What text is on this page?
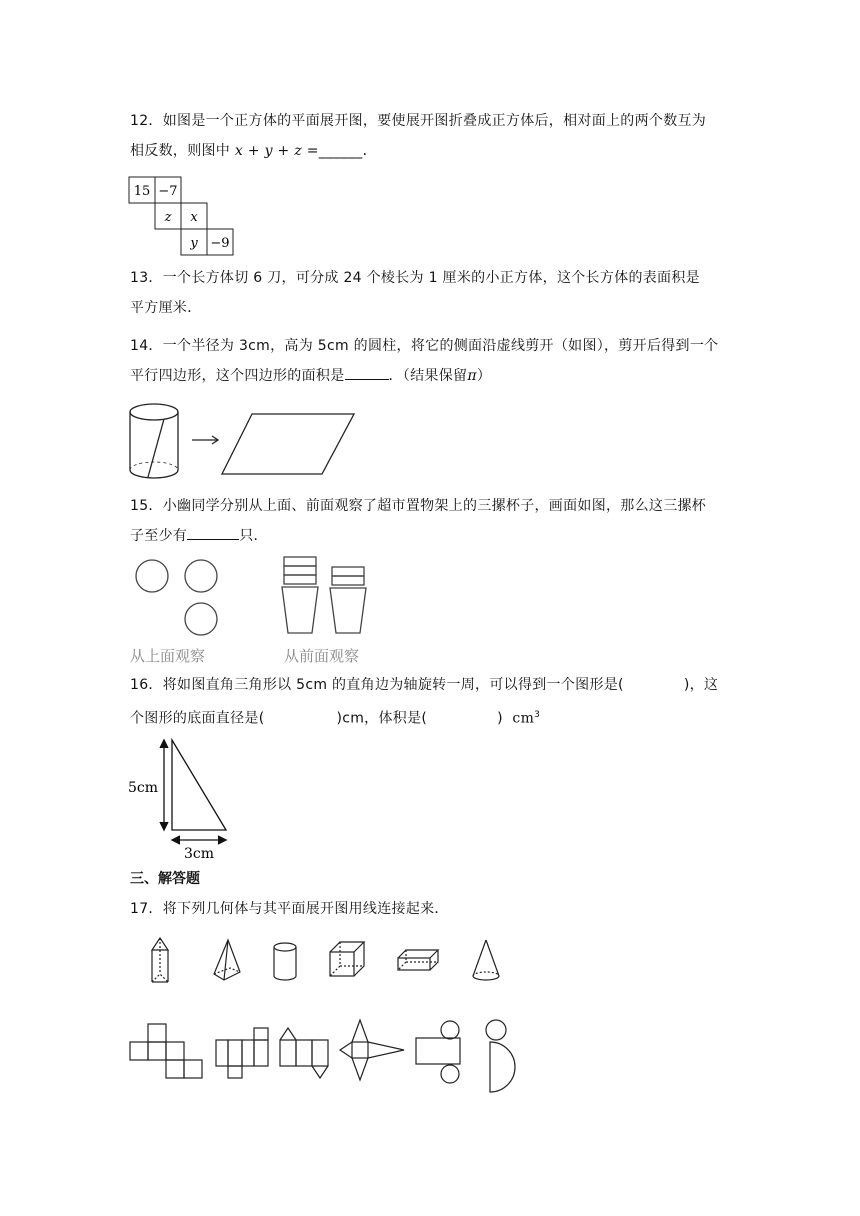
12．如图是一个正方体的平面展开图，要使展开图折叠成正方体后，相对面上的两个数互为
相反数，则图中 x + y + z =______．
15 −7
z x
y −9
13．一个长方体切 6 刀，可分成 24 个棱长为 1 厘米的小正方体，这个长方体的表面积是
平方厘米．
14．一个半径为 3cm，高为 5cm 的圆柱，将它的侧面沿虚线剪开（如图），剪开后得到一个
平行四边形，这个四边形的面积是	．（结果保留π）
15．小幽同学分别从上面、前面观察了超市置物架上的三摞杯子，画面如图，那么这三摞杯
子至少有	只．
从上面观察	从前面观察
16．将如图直角三角形以 5cm 的直角边为轴旋转一周，可以得到一个图形是(	)，这
个图形的底面直径是(	)cm，体积是(	) $cm^3$
5cm
3cm
三、解答题
17．将下列几何体与其平面展开图用线连接起来．
